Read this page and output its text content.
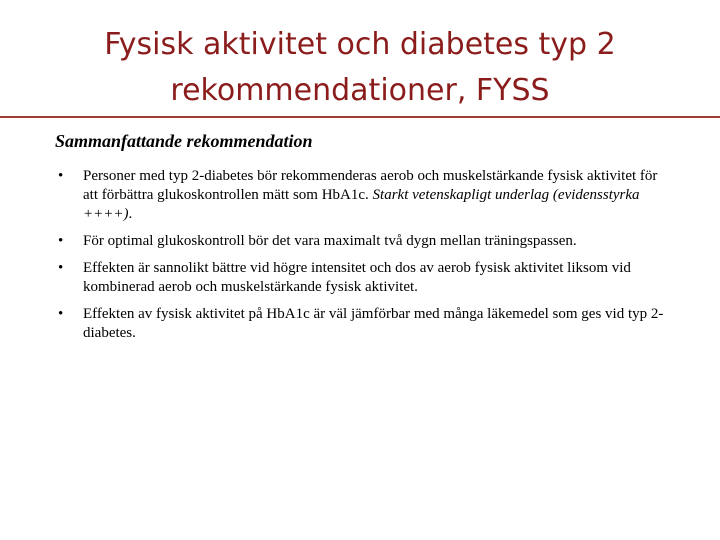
Fysisk aktivitet och diabetes typ 2
rekommendationer, FYSS
Sammanfattande rekommendation
• Personer med typ 2-diabetes bör rekommenderas aerob och muskelstärkande fysisk aktivitet för att förbättra glukoskontrollen mätt som HbA1c. Starkt vetenskapligt underlag (evidensstyrka ++++).
• För optimal glukoskontroll bör det vara maximalt två dygn mellan träningspassen.
• Effekten är sannolikt bättre vid högre intensitet och dos av aerob fysisk aktivitet liksom vid kombinerad aerob och muskelstärkande fysisk aktivitet.
• Effekten av fysisk aktivitet på HbA1c är väl jämförbar med många läkemedel som ges vid typ 2-diabetes.
